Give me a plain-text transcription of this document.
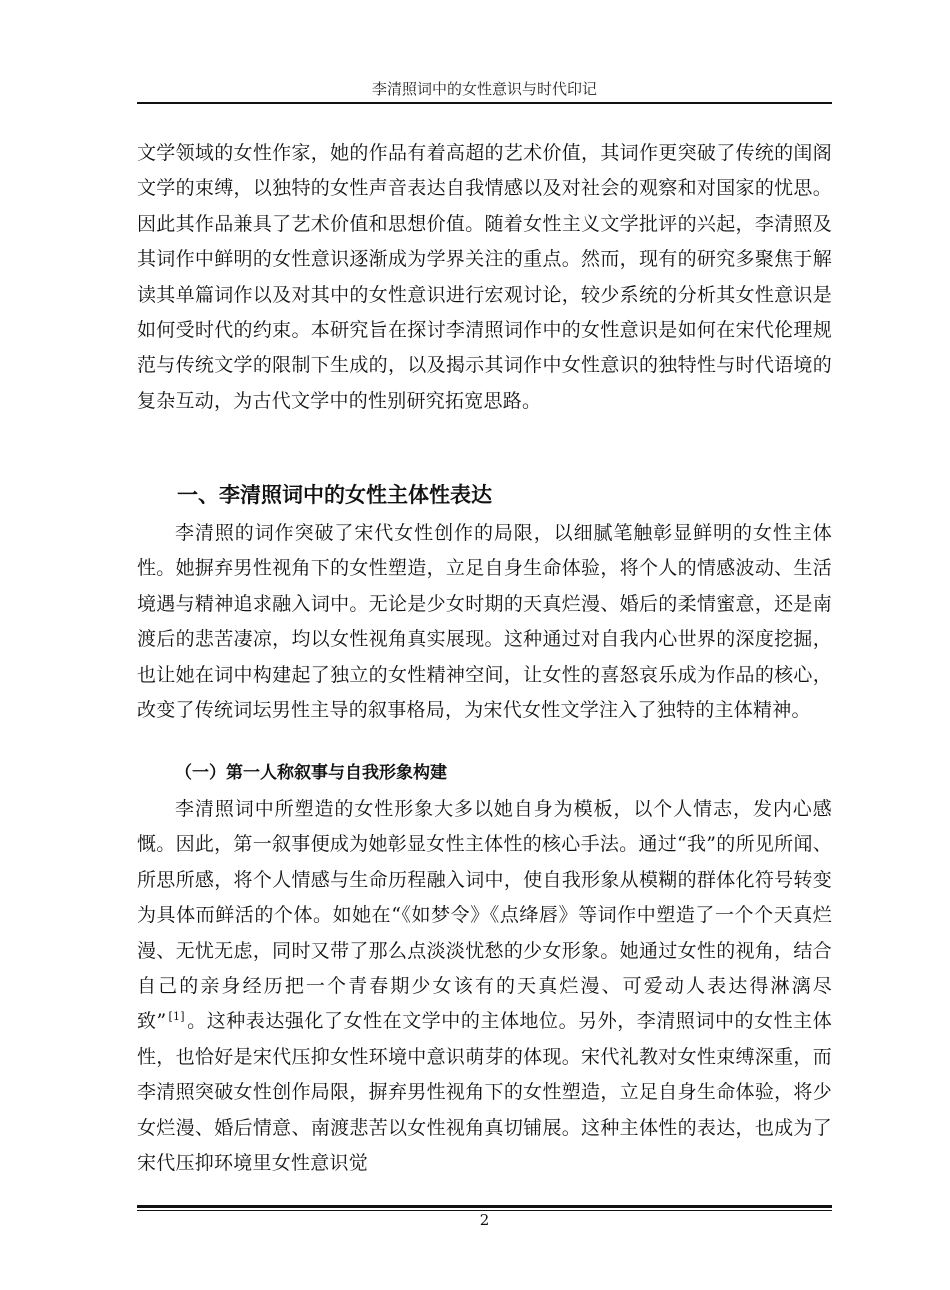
李清照词中的女性意识与时代印记

文学领域的女性作家，她的作品有着高超的艺术价值，其词作更突破了传统的闺阁文学的束缚，以独特的女性声音表达自我情感以及对社会的观察和对国家的忧思。因此其作品兼具了艺术价值和思想价值。随着女性主义文学批评的兴起，李清照及其词作中鲜明的女性意识逐渐成为学界关注的重点。然而，现有的研究多聚焦于解读其单篇词作以及对其中的女性意识进行宏观讨论，较少系统的分析其女性意识是如何受时代的约束。本研究旨在探讨李清照词作中的女性意识是如何在宋代伦理规范与传统文学的限制下生成的，以及揭示其词作中女性意识的独特性与时代语境的复杂互动，为古代文学中的性别研究拓宽思路。

一、李清照词中的女性主体性表达

李清照的词作突破了宋代女性创作的局限，以细腻笔触彰显鲜明的女性主体性。她摒弃男性视角下的女性塑造，立足自身生命体验，将个人的情感波动、生活境遇与精神追求融入词中。无论是少女时期的天真烂漫、婚后的柔情蜜意，还是南渡后的悲苦凄凉，均以女性视角真实展现。这种通过对自我内心世界的深度挖掘，也让她在词中构建起了独立的女性精神空间，让女性的喜怒哀乐成为作品的核心，改变了传统词坛男性主导的叙事格局，为宋代女性文学注入了独特的主体精神。

（一）第一人称叙事与自我形象构建

李清照词中所塑造的女性形象大多以她自身为模板，以个人情志，发内心感慨。因此，第一叙事便成为她彰显女性主体性的核心手法。通过“我”的所见所闻、所思所感，将个人情感与生命历程融入词中，使自我形象从模糊的群体化符号转变为具体而鲜活的个体。如她在“《如梦令》《点绛唇》等词作中塑造了一个个天真烂漫、无忧无虑，同时又带了那么点淡淡忧愁的少女形象。她通过女性的视角，结合自己的亲身经历把一个青春期少女该有的天真烂漫、可爱动人表达得淋漓尽致” [1] 。这种表达强化了女性在文学中的主体地位。另外，李清照词中的女性主体性，也恰好是宋代压抑女性环境中意识萌芽的体现。宋代礼教对女性束缚深重，而李清照突破女性创作局限，摒弃男性视角下的女性塑造，立足自身生命体验，将少女烂漫、婚后情意、南渡悲苦以女性视角真切铺展。这种主体性的表达，也成为了宋代压抑环境里女性意识觉

2
